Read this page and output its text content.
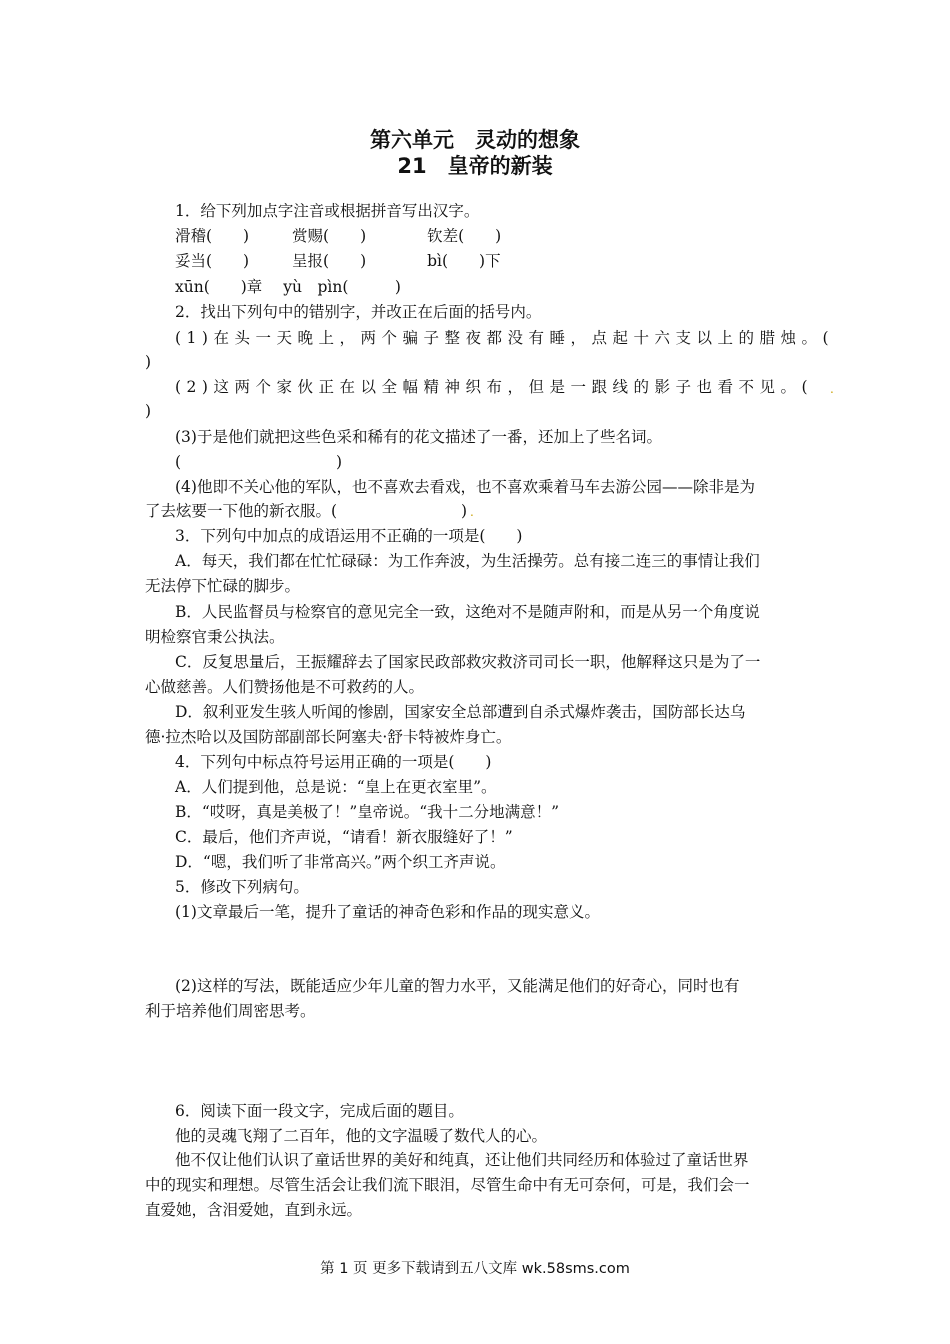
第六单元　灵动的想象
21　皇帝的新装
1．给下列加点字注音或根据拼音写出汉字。
滑稽(　　)	赏赐(　　)	钦差(　　)
妥当(　　)	呈报(　　)	bì(　　)下
xūn(　　)章 yù　pìn(　　　)
2．找出下列句中的错别字，并改正在后面的括号内。
(1)在头一天晚上，两个骗子整夜都没有睡，点起十六支以上的腊烛。(
)
(2)这两个家伙正在以全幅精神织布，但是一跟线的影子也看不见。(
)
.
(3)于是他们就把这些色采和稀有的花文描述了一番，还加上了些名词。
(　　　　　　　　　　)
(4)他即不关心他的军队，也不喜欢去看戏，也不喜欢乘着马车去游公园——除非是为
了去炫要一下他的新衣服。(　　　　　　　　) .
3．下列句中加点的成语运用不正确的一项是(　　)
A．每天，我们都在忙忙碌碌：为工作奔波，为生活操劳。总有接二连三的事情让我们
无法停下忙碌的脚步。
B．人民监督员与检察官的意见完全一致，这绝对不是随声附和，而是从另一个角度说
明检察官秉公执法。
C．反复思量后，王振耀辞去了国家民政部救灾救济司司长一职，他解释这只是为了一
心做慈善。人们赞扬他是不可救药的人。
D．叙利亚发生骇人听闻的惨剧，国家安全总部遭到自杀式爆炸袭击，国防部长达乌
德·拉杰哈以及国防部副部长阿塞夫·舒卡特被炸身亡。
4．下列句中标点符号运用正确的一项是(　　)
A．人们提到他，总是说：“皇上在更衣室里”。
B．“哎呀，真是美极了！”皇帝说。“我十二分地满意！”
C．最后，他们齐声说，“请看！新衣服缝好了！”
D．“嗯，我们听了非常高兴。”两个织工齐声说。
5．修改下列病句。
(1)文章最后一笔，提升了童话的神奇色彩和作品的现实意义。
(2)这样的写法，既能适应少年儿童的智力水平，又能满足他们的好奇心，同时也有
利于培养他们周密思考。
6．阅读下面一段文字，完成后面的题目。
他的灵魂飞翔了二百年，他的文字温暖了数代人的心。
他不仅让他们认识了童话世界的美好和纯真，还让他们共同经历和体验过了童话世界
中的现实和理想。尽管生活会让我们流下眼泪，尽管生命中有无可奈何，可是，我们会一
直爱她，含泪爱她，直到永远。
第 1 页 更多下载请到五八文库 wk.58sms.com
